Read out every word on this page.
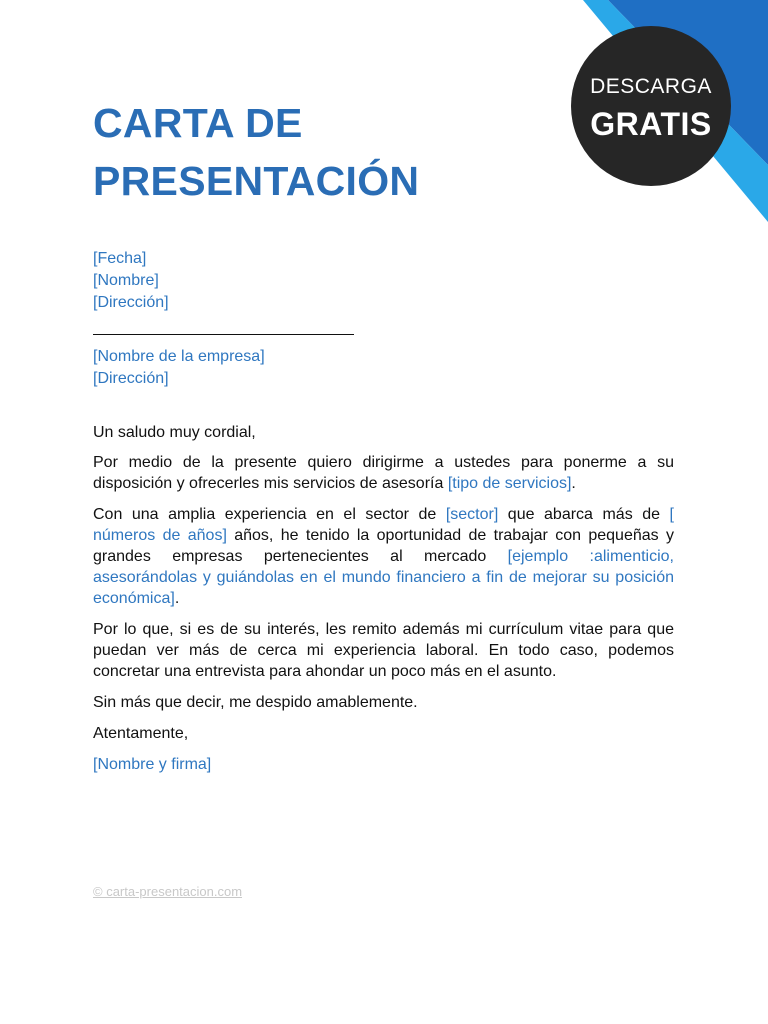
DESCARGA
GRATIS
CARTA DE
PRESENTACIÓN
[Fecha]
[Nombre]
[Dirección]
[Nombre de la empresa]
[Dirección]

Un saludo muy cordial,

Por medio de la presente quiero dirigirme a ustedes para ponerme a su disposición y ofrecerles mis servicios de asesoría [tipo de servicios].

Con una amplia experiencia en el sector de [sector] que abarca más de [ números de años] años, he tenido la oportunidad de trabajar con pequeñas y grandes empresas pertenecientes al mercado [ejemplo :alimenticio, asesorándolas y guiándolas en el mundo financiero a fin de mejorar su posición económica].

Por lo que, si es de su interés, les remito además mi currículum vitae para que puedan ver más de cerca mi experiencia laboral. En todo caso, podemos concretar una entrevista para ahondar un poco más en el asunto.

Sin más que decir, me despido amablemente.

Atentamente,

[Nombre y firma]

© carta-presentacion.com
